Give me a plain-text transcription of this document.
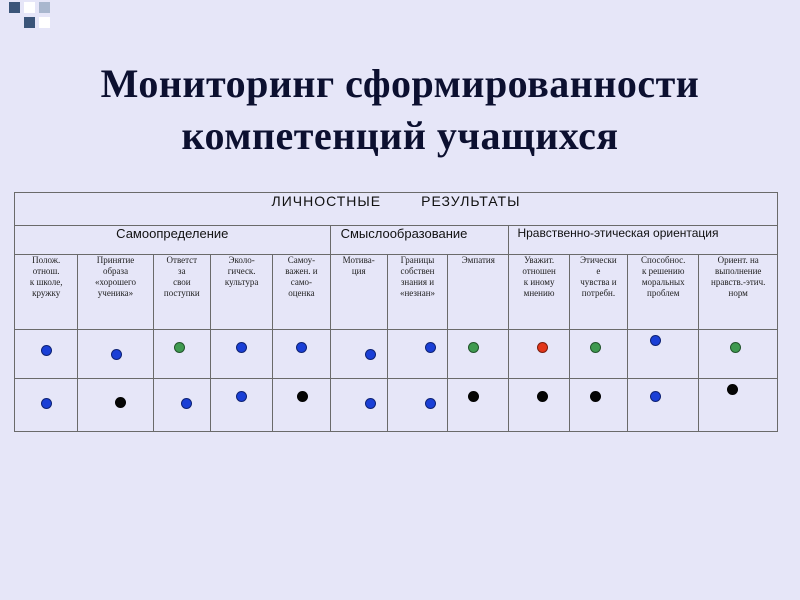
Мониторинг сформированности
компетенций учащихся
ЛИЧНОСТНЫЕ РЕЗУЛЬТАТЫ											
Самоопределение					Смыслообразование			Нравственно-этическая ориентация			
Полож.
отнош.
к школе,
кружку	Принятие
образа
«хорошего
ученика»	Ответст
за
свои
поступки	Эколо-
гическ.
культура	Самоу-
важен. и
само-
оценка	Мотива-
ция	Границы
собствен
знания и
«незнан»	Эмпатия	Уважит.
отношен
к иному
мнению	Этически
е
чувства и
потребн.	Способнос.
к решению
моральных
проблем	Ориент. на
выполнение
нравств.-этич.
норм
